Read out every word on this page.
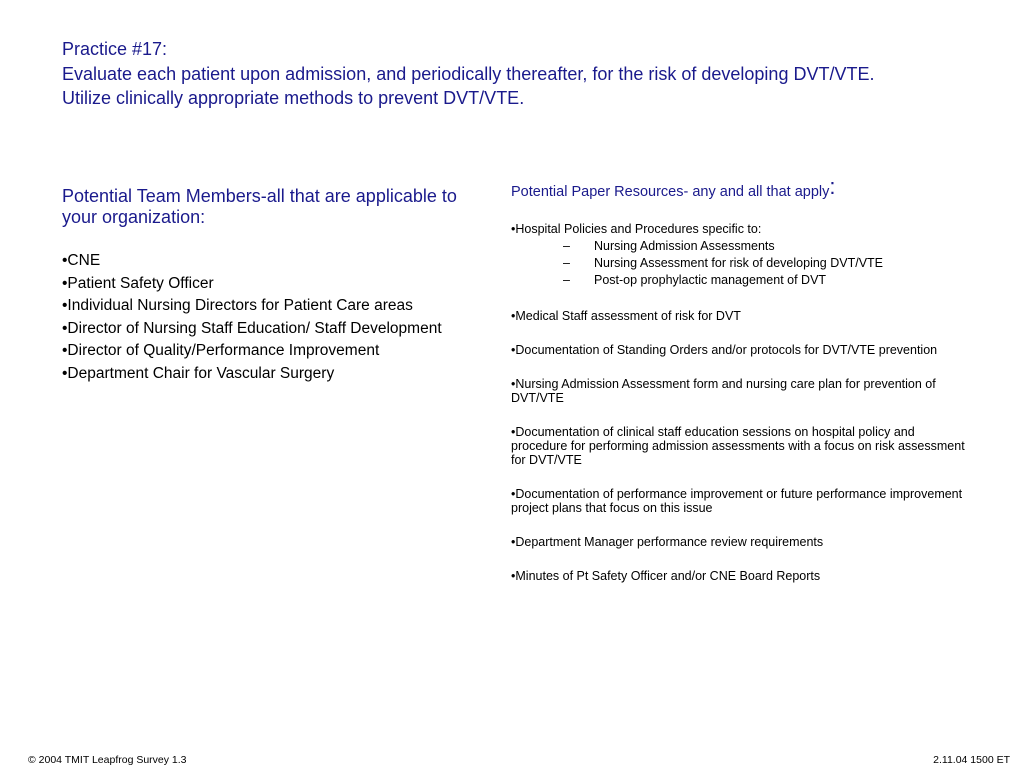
Practice #17:
Evaluate each patient upon admission, and periodically thereafter, for the risk of developing DVT/VTE.
Utilize clinically appropriate methods to prevent DVT/VTE.
Potential Team Members-all that are applicable to your organization:
•CNE
•Patient Safety Officer
•Individual Nursing Directors for Patient Care areas
•Director of Nursing Staff Education/ Staff Development
•Director of Quality/Performance Improvement
•Department Chair for Vascular Surgery
Potential Paper Resources- any and all that apply:
•Hospital Policies and Procedures specific to:
– Nursing Admission Assessments
– Nursing Assessment for risk of developing DVT/VTE
– Post-op prophylactic management of DVT
•Medical Staff assessment of risk for DVT
•Documentation of Standing Orders and/or protocols for DVT/VTE prevention
•Nursing Admission Assessment form and nursing care plan for prevention of DVT/VTE
•Documentation of clinical staff education sessions on hospital policy and procedure for performing admission assessments with a focus on risk assessment for DVT/VTE
•Documentation of performance improvement or future performance improvement project plans that focus on this issue
•Department Manager performance review requirements
•Minutes of Pt Safety Officer and/or CNE Board Reports
© 2004 TMIT Leapfrog Survey 1.3	2.11.04 1500 ET
